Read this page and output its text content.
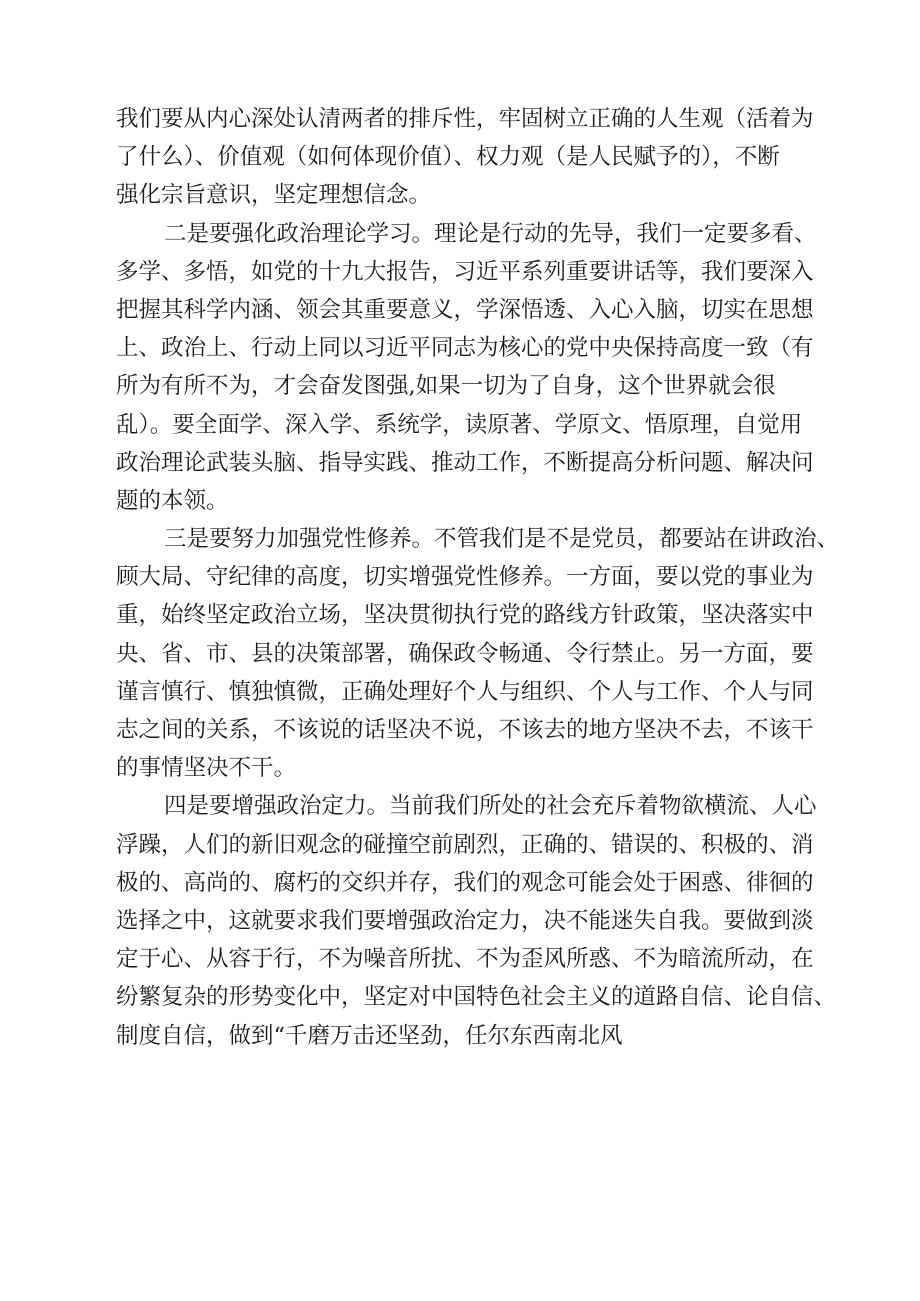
我们要从内心深处认清两者的排斥性，牢固树立正确的人生观（活着为
了什么）、价值观（如何体现价值）、权力观（是人民赋予的），不断
强化宗旨意识，坚定理想信念。
二是要强化政治理论学习。理论是行动的先导，我们一定要多看、
多学、多悟，如党的十九大报告，习近平系列重要讲话等，我们要深入
把握其科学内涵、领会其重要意义，学深悟透、入心入脑，切实在思想
上、政治上、行动上同以习近平同志为核心的党中央保持高度一致（有
所为有所不为，才会奋发图强,如果一切为了自身，这个世界就会很
乱）。要全面学、深入学、系统学，读原著、学原文、悟原理，自觉用
政治理论武装头脑、指导实践、推动工作，不断提高分析问题、解决问
题的本领。
三是要努力加强党性修养。不管我们是不是党员，都要站在讲政治、
顾大局、守纪律的高度，切实增强党性修养。一方面，要以党的事业为
重，始终坚定政治立场，坚决贯彻执行党的路线方针政策，坚决落实中
央、省、市、县的决策部署，确保政令畅通、令行禁止。另一方面，要
谨言慎行、慎独慎微，正确处理好个人与组织、个人与工作、个人与同
志之间的关系，不该说的话坚决不说，不该去的地方坚决不去，不该干
的事情坚决不干。
四是要增强政治定力。当前我们所处的社会充斥着物欲横流、人心
浮躁，人们的新旧观念的碰撞空前剧烈，正确的、错误的、积极的、消
极的、高尚的、腐朽的交织并存，我们的观念可能会处于困惑、徘徊的
选择之中，这就要求我们要增强政治定力，决不能迷失自我。要做到淡
定于心、从容于行，不为噪音所扰、不为歪风所惑、不为暗流所动，在
纷繁复杂的形势变化中，坚定对中国特色社会主义的道路自信、论自信、
制度自信，做到“千磨万击还坚劲，任尔东西南北风
